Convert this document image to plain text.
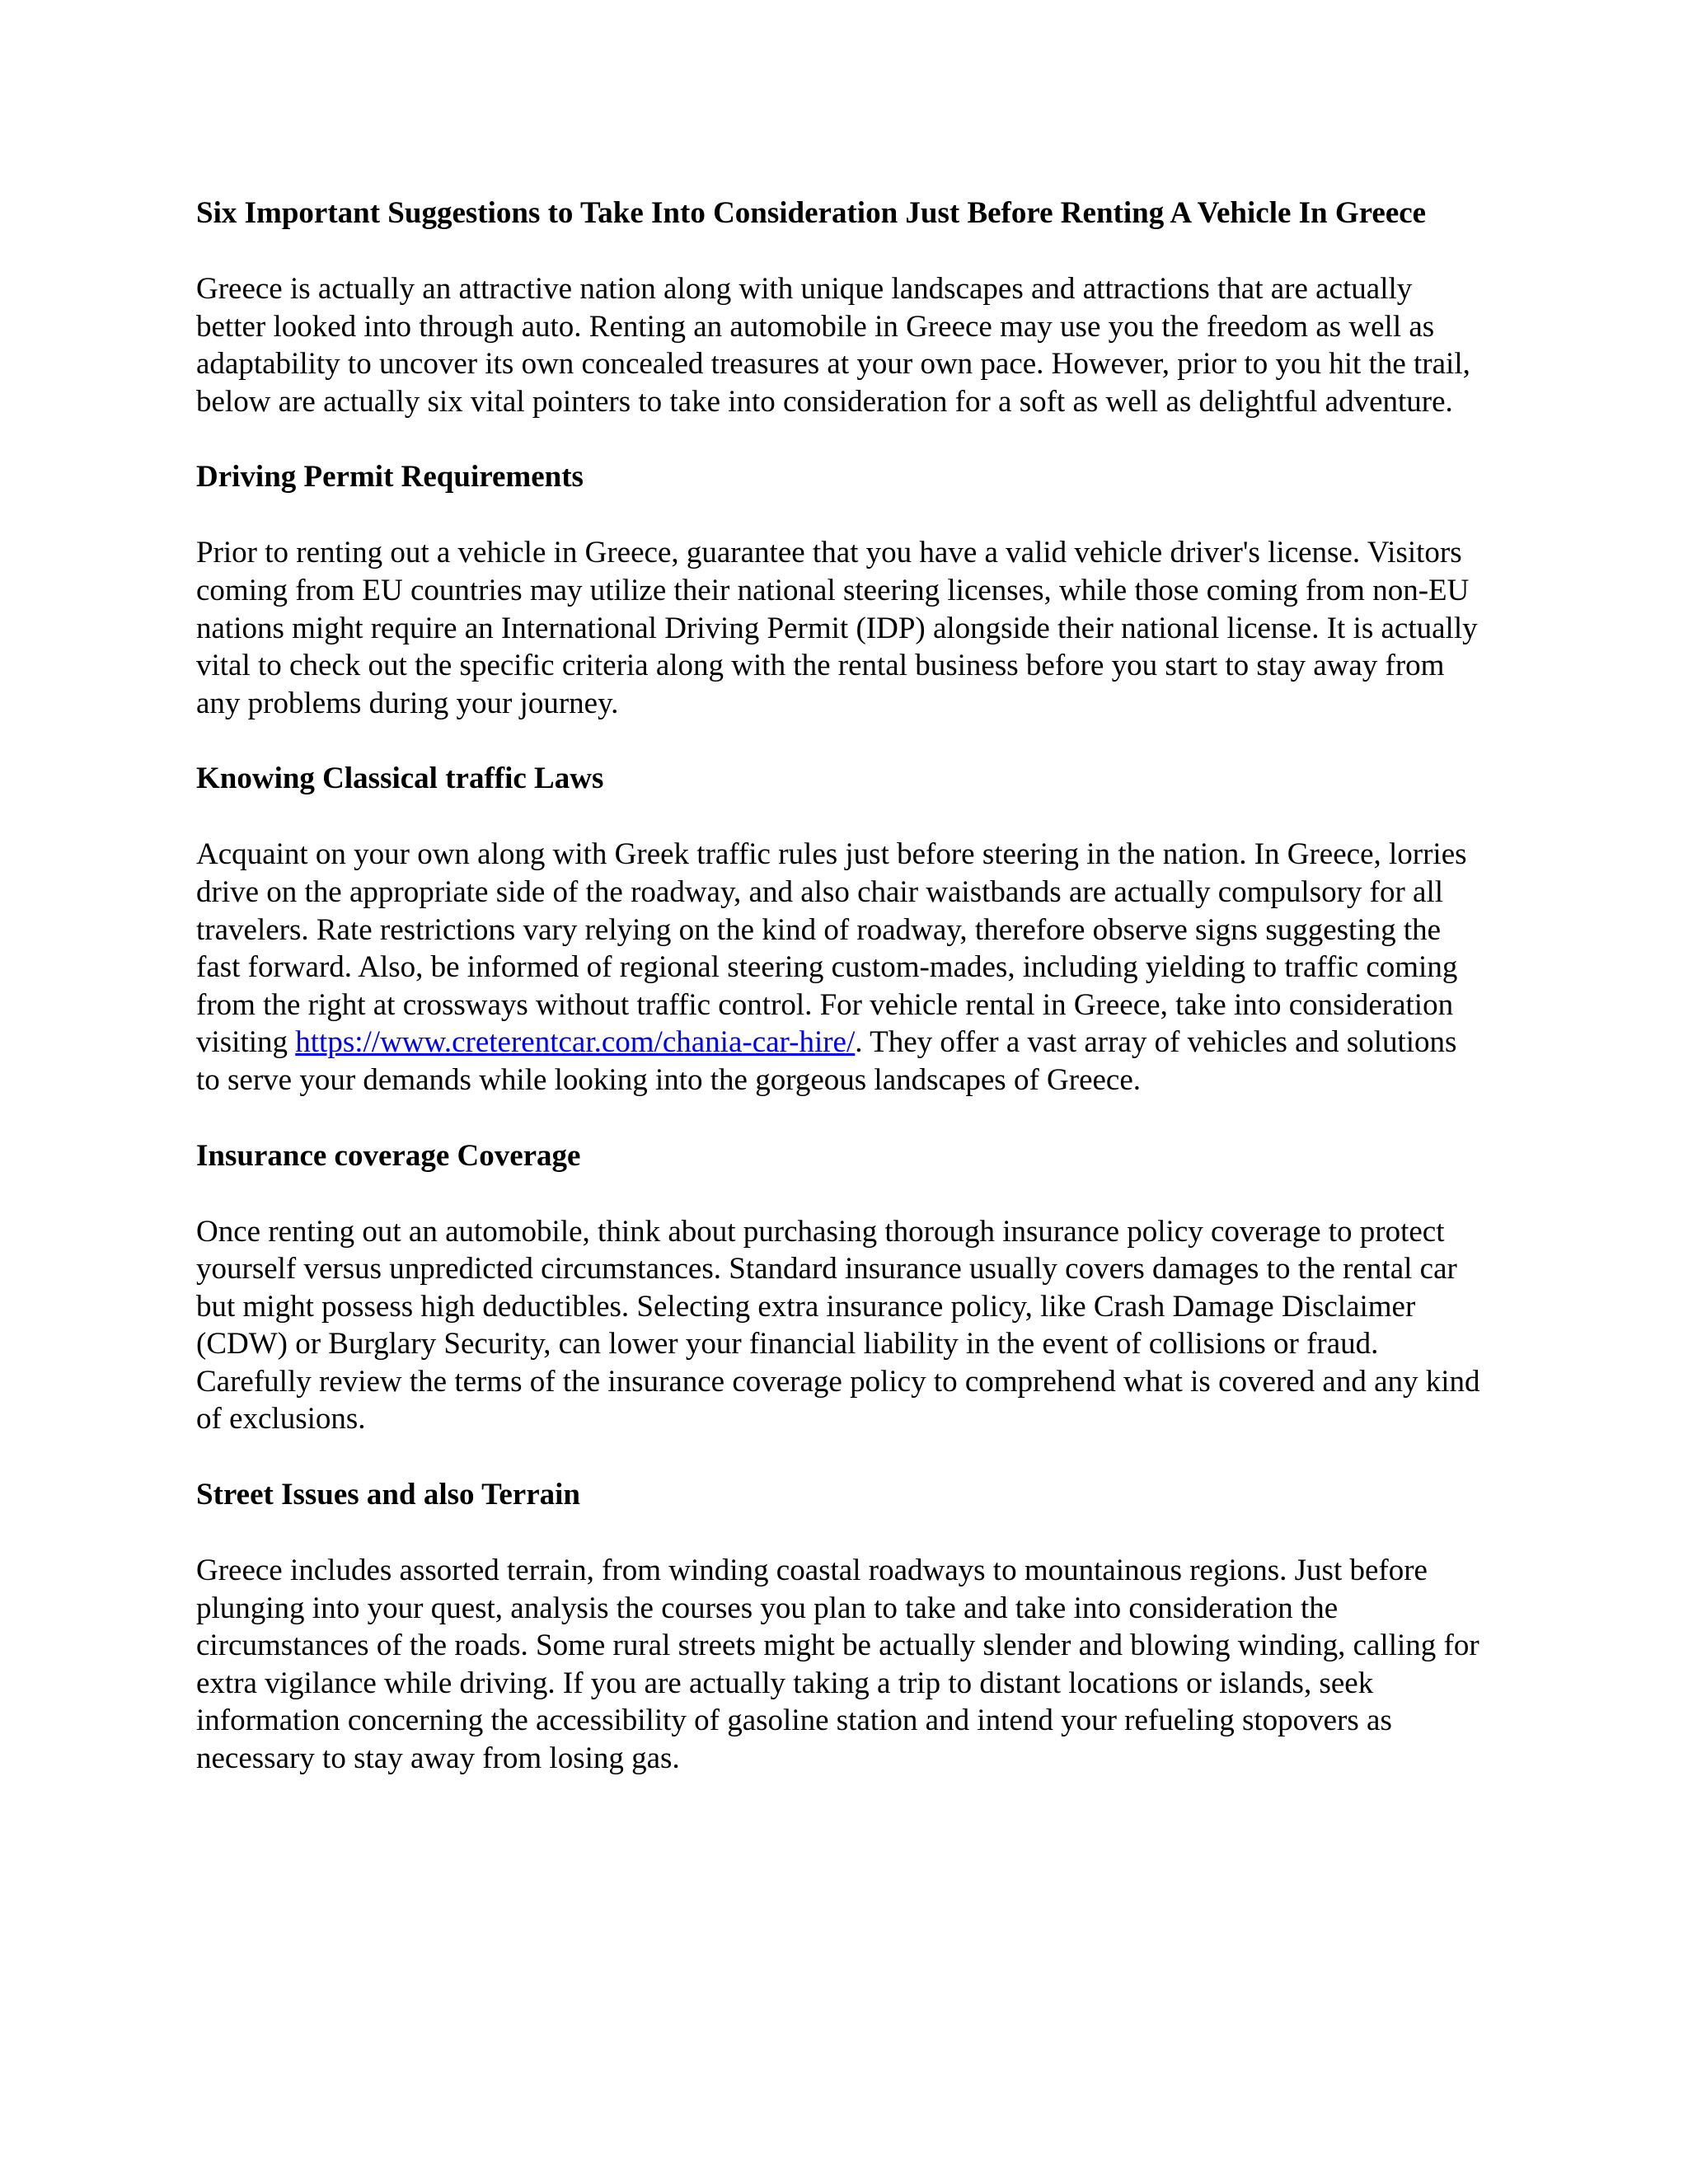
Six Important Suggestions to Take Into Consideration Just Before Renting A Vehicle In Greece

Greece is actually an attractive nation along with unique landscapes and attractions that are actually better looked into through auto. Renting an automobile in Greece may use you the freedom as well as adaptability to uncover its own concealed treasures at your own pace. However, prior to you hit the trail, below are actually six vital pointers to take into consideration for a soft as well as delightful adventure.

Driving Permit Requirements

Prior to renting out a vehicle in Greece, guarantee that you have a valid vehicle driver's license. Visitors coming from EU countries may utilize their national steering licenses, while those coming from non-EU nations might require an International Driving Permit (IDP) alongside their national license. It is actually vital to check out the specific criteria along with the rental business before you start to stay away from any problems during your journey.

Knowing Classical traffic Laws

Acquaint on your own along with Greek traffic rules just before steering in the nation. In Greece, lorries drive on the appropriate side of the roadway, and also chair waistbands are actually compulsory for all travelers. Rate restrictions vary relying on the kind of roadway, therefore observe signs suggesting the fast forward. Also, be informed of regional steering custom-mades, including yielding to traffic coming from the right at crossways without traffic control. For vehicle rental in Greece, take into consideration visiting https://www.creterentcar.com/chania-car-hire/. They offer a vast array of vehicles and solutions to serve your demands while looking into the gorgeous landscapes of Greece.

Insurance coverage Coverage

Once renting out an automobile, think about purchasing thorough insurance policy coverage to protect yourself versus unpredicted circumstances. Standard insurance usually covers damages to the rental car but might possess high deductibles. Selecting extra insurance policy, like Crash Damage Disclaimer (CDW) or Burglary Security, can lower your financial liability in the event of collisions or fraud. Carefully review the terms of the insurance coverage policy to comprehend what is covered and any kind of exclusions.

Street Issues and also Terrain

Greece includes assorted terrain, from winding coastal roadways to mountainous regions. Just before plunging into your quest, analysis the courses you plan to take and take into consideration the circumstances of the roads. Some rural streets might be actually slender and blowing winding, calling for extra vigilance while driving. If you are actually taking a trip to distant locations or islands, seek information concerning the accessibility of gasoline station and intend your refueling stopovers as necessary to stay away from losing gas.
